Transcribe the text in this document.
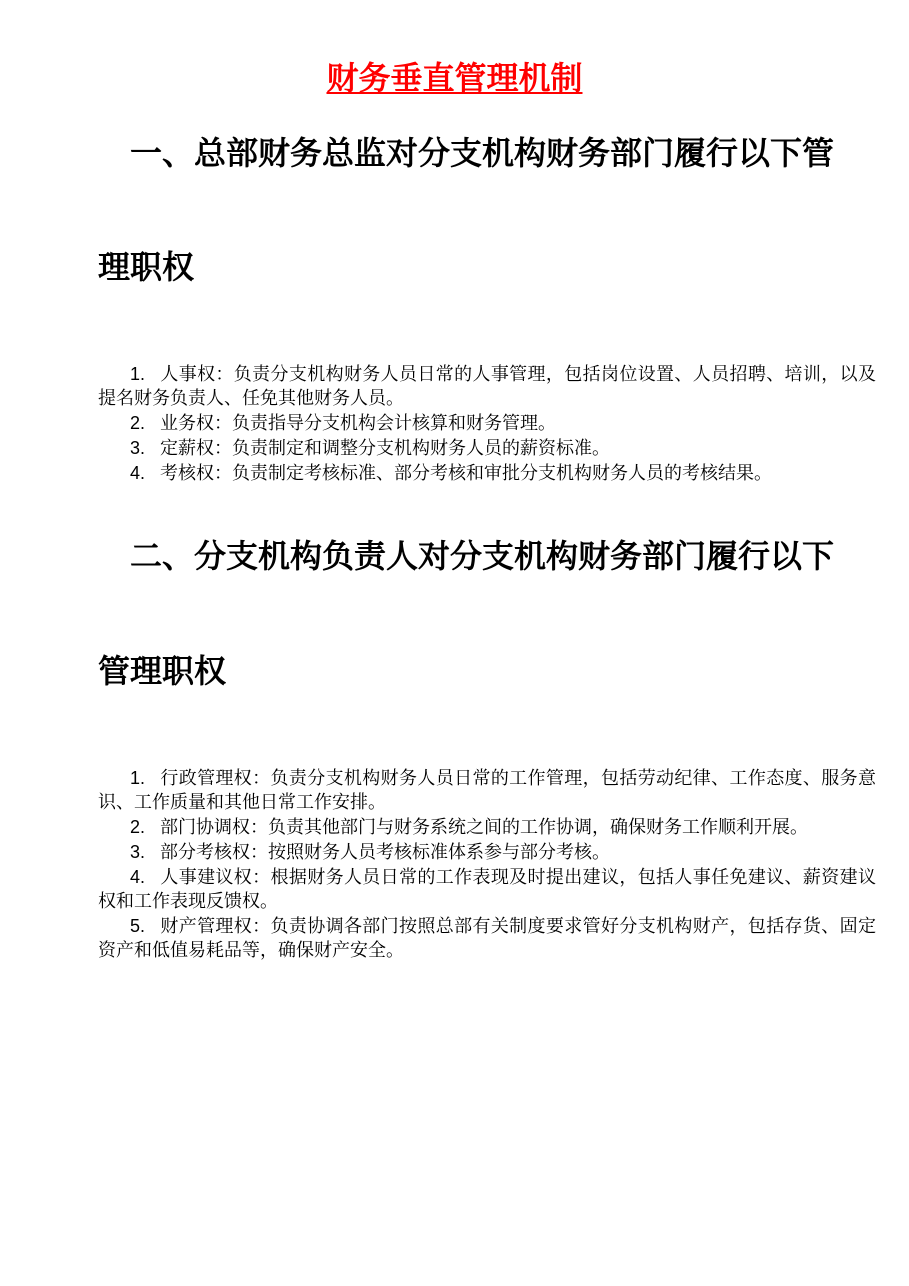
财务垂直管理机制
一、总部财务总监对分支机构财务部门履行以下管
理职权
1. 人事权：负责分支机构财务人员日常的人事管理，包括岗位设置、人员招聘、培训，以及提名财务负责人、任免其他财务人员。
2. 业务权：负责指导分支机构会计核算和财务管理。
3. 定薪权：负责制定和调整分支机构财务人员的薪资标准。
4. 考核权：负责制定考核标准、部分考核和审批分支机构财务人员的考核结果。
二、分支机构负责人对分支机构财务部门履行以下
管理职权
1. 行政管理权：负责分支机构财务人员日常的工作管理，包括劳动纪律、工作态度、服务意识、工作质量和其他日常工作安排。
2. 部门协调权：负责其他部门与财务系统之间的工作协调，确保财务工作顺利开展。
3. 部分考核权：按照财务人员考核标准体系参与部分考核。
4. 人事建议权：根据财务人员日常的工作表现及时提出建议，包括人事任免建议、薪资建议权和工作表现反馈权。
5. 财产管理权：负责协调各部门按照总部有关制度要求管好分支机构财产，包括存货、固定资产和低值易耗品等，确保财产安全。
